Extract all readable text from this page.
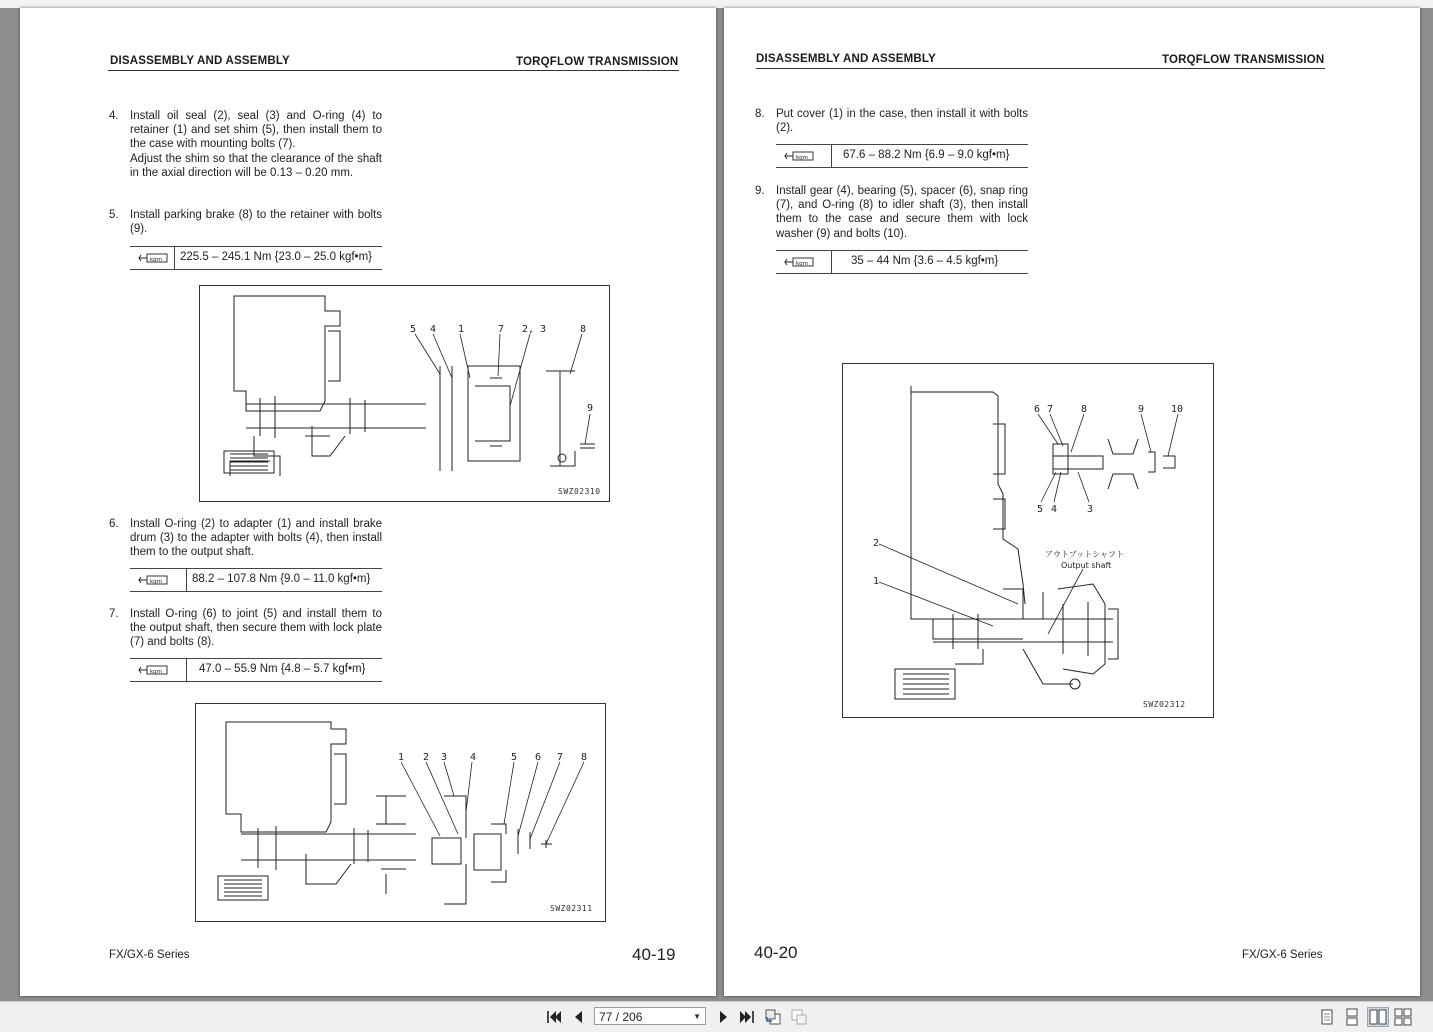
DISASSEMBLY AND ASSEMBLY	TORQFLOW TRANSMISSION
4. Install oil seal (2), seal (3) and O-ring (4) to retainer (1) and set shim (5), then install them to the case with mounting bolts (7).

Adjust the shim so that the clearance of the shaft in the axial direction will be 0.13 – 0.20 mm.

5. Install parking brake (8) to the retainer with bolts (9).

kgm 225.5 – 245.1 Nm {23.0 – 25.0 kgf•m}
5 4 1	7 2, 3	8
9
SWZ02310
6. Install O-ring (2) to adapter (1) and install brake drum (3) to the adapter with bolts (4), then install them to the output shaft.

kgm	88.2 – 107.8 Nm {9.0 – 11.0 kgf•m}
7. Install O-ring (6) to joint (5) and install them to the output shaft, then secure them with lock plate (7) and bolts (8).

kgm	47.0 – 55.9 Nm {4.8 – 5.7 kgf•m}
1 2 3 4	5 6 7 8
SWZ02311
FX/GX-6 Series	40-19
DISASSEMBLY AND ASSEMBLY	TORQFLOW TRANSMISSION
8. Put cover (1) in the case, then install it with bolts (2).

kgm	67.6 – 88.2 Nm {6.9 – 9.0 kgf•m}
9. Install gear (4), bearing (5), spacer (6), snap ring (7), and O-ring (8) to idler shaft (3), then install them to the case and secure them with lock washer (9) and bolts (10).

kgm	35 – 44 Nm {3.6 – 4.5 kgf•m}
6 7	8	9	10
5 4	3
2
1
アウトプットシャフト
Output shaft
SWZ02312
40-20	FX/GX-6 Series
77 / 206	▼
